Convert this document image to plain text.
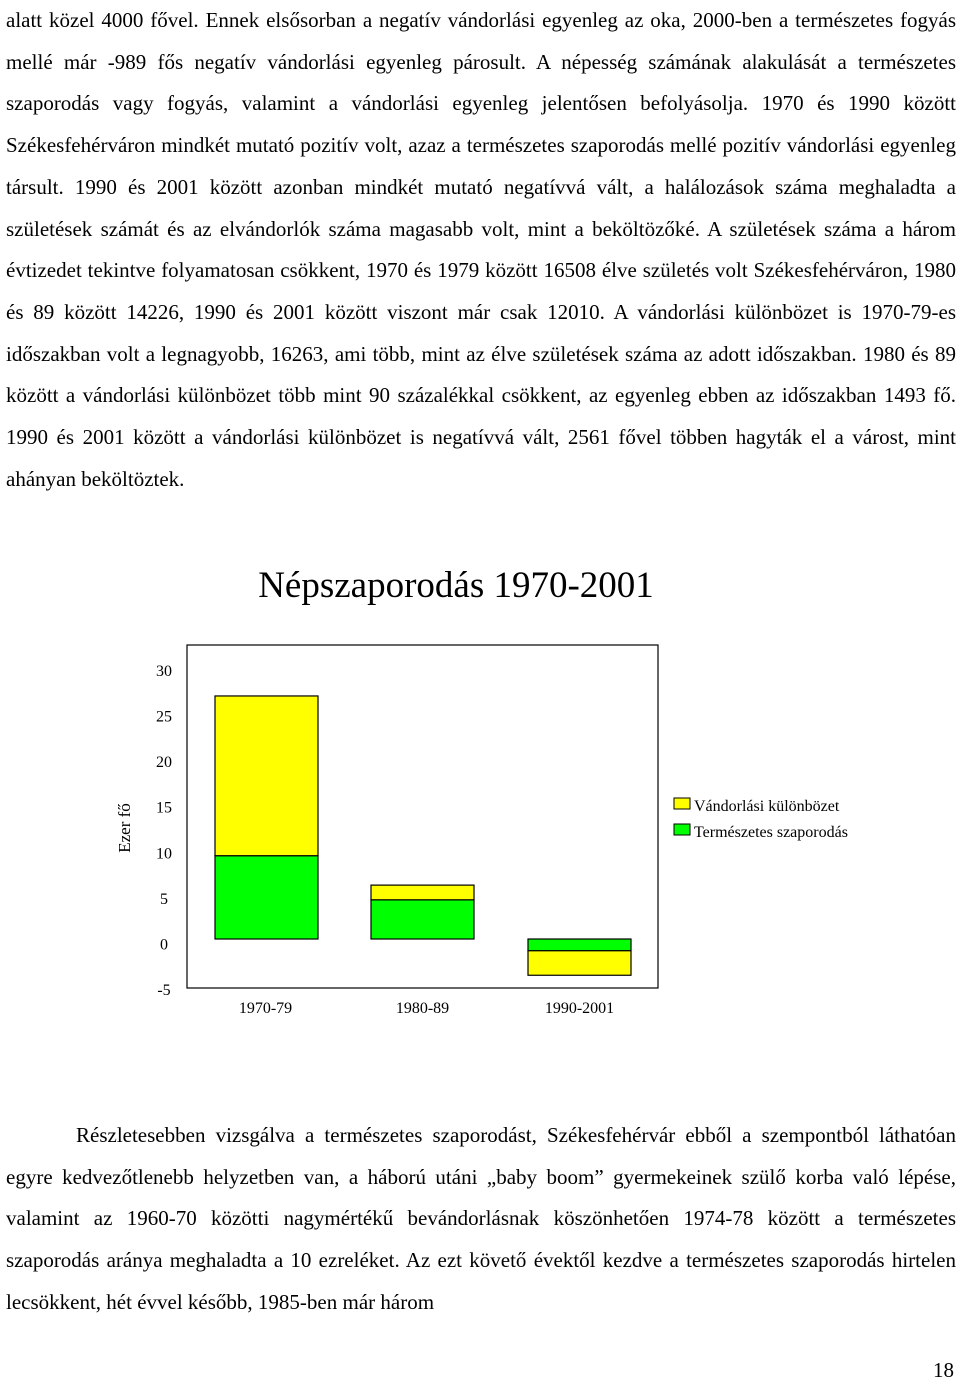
alatt közel 4000 fővel. Ennek elsősorban a negatív vándorlási egyenleg az oka, 2000-ben a természetes fogyás mellé már -989 fős negatív vándorlási egyenleg párosult. A népesség számának alakulását a természetes szaporodás vagy fogyás, valamint a vándorlási egyenleg jelentősen befolyásolja. 1970 és 1990 között Székesfehérváron mindkét mutató pozitív volt, azaz a természetes szaporodás mellé pozitív vándorlási egyenleg társult. 1990 és 2001 között azonban mindkét mutató negatívvá vált, a halálozások száma meghaladta a születések számát és az elvándorlók száma magasabb volt, mint a beköltözőké. A születések száma a három évtizedet tekintve folyamatosan csökkent, 1970 és 1979 között 16508 élve születés volt Székesfehérváron, 1980 és 89 között 14226, 1990 és 2001 között viszont már csak 12010. A vándorlási különbözet is 1970-79-es időszakban volt a legnagyobb, 16263, ami több, mint az élve születések száma az adott időszakban. 1980 és 89 között a vándorlási különbözet több mint 90 százalékkal csökkent, az egyenleg ebben az időszakban 1493 fő. 1990 és 2001 között a vándorlási különbözet is negatívvá vált, 2561 fővel többen hagyták el a várost, mint ahányan beköltöztek.

Népszaporodás 1970-2001
30
25
20
15
10
5
0
-5
Ezer fő
1970-79	1980-89	1990-2001
Vándorlási különbözet
Természetes szaporodás

Részletesebben vizsgálva a természetes szaporodást, Székesfehérvár ebből a szempontból láthatóan egyre kedvezőtlenebb helyzetben van, a háború utáni „baby boom” gyermekeinek szülő korba való lépése, valamint az 1960-70 közötti nagymértékű bevándorlásnak köszönhetően 1974-78 között a természetes szaporodás aránya meghaladta a 10 ezreléket. Az ezt követő évektől kezdve a természetes szaporodás hirtelen lecsökkent, hét évvel később, 1985-ben már három

18
